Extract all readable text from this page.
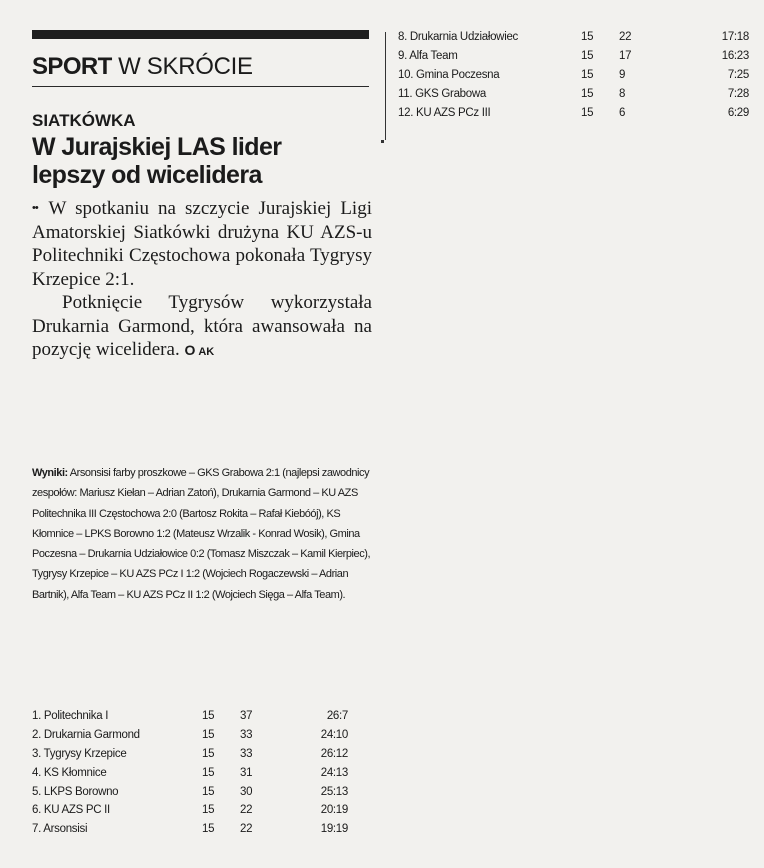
SPORT W SKRÓCIE
SIATKÓWKA
W Jurajskiej LAS lider
lepszy od wicelidera

•• W spotkaniu na szczycie Jurajskiej Ligi Amatorskiej Siatkówki drużyna KU AZS-u Politechniki Częstochowa pokonała Tygrysy Krzepice 2:1.

Potknięcie Tygrysów wykorzystała Drukarnia Garmond, która awansowała na pozycję wicelidera. O AK

Wyniki: Arsonsisi farby proszkowe – GKS Grabowa 2:1 (najlepsi zawodnicy zespołów: Mariusz Kiełan – Adrian Zatoń), Drukarnia Garmond – KU AZS Politechnika III Częstochowa 2:0 (Bartosz Rokita – Rafał Kiebóój), KS Kłomnice – LPKS Borowno 1:2 (Mateusz Wrzalik - Konrad Wosik), Gmina Poczesna – Drukarnia Udziałowice 0:2 (Tomasz Miszczak – Kamil Kierpiec), Tygrysy Krzepice – KU AZS PCz I 1:2 (Wojciech Rogaczewski – Adrian Bartnik), Alfa Team – KU AZS PCz II 1:2 (Wojciech Sięga – Alfa Team).
1. Politechnika I	15	37	26:7
2. Drukarnia Garmond	15	33	24:10
3. Tygrysy Krzepice	15	33	26:12
4. KS Kłomnice	15	31	24:13
5. LKPS Borowno	15	30	25:13
6. KU AZS PC II	15	22	20:19
7. Arsonsisi	15	22	19:19
8. Drukarnia Udziałowiec	15	22	17:18
9. Alfa Team	15	17	16:23
10. Gmina Poczesna	15	9	7:25
11. GKS Grabowa	15	8	7:28
12. KU AZS PCz III	15	6	6:29
